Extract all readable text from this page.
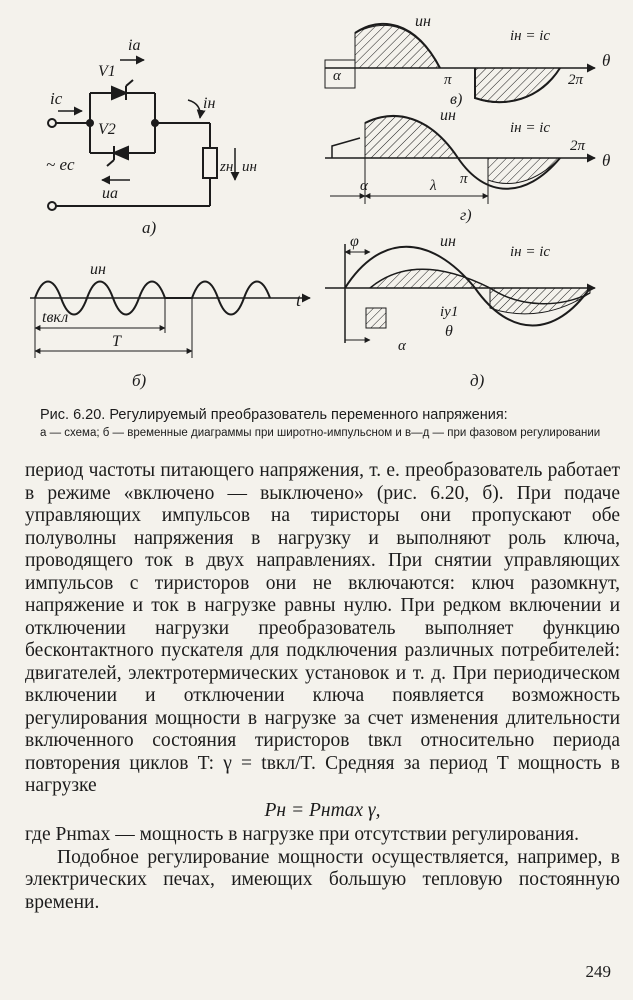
iа
ic
V1
V2
~ ec
uа
iн
zн uн
а)
uн
t
tвкл
T
б)
uн
iн = ic
θ
α	π	2π
в)
uн
iн = ic
2π
θ
π
α	λ
г)
φ	uн
iн = ic
iу1
θ
α
д)
Рис. 6.20. Регулируемый преобразователь переменного напряжения:
а — схема; б — временные диаграммы при широтно-импульсном и в—д — при фазовом регулировании

период частоты питающего напряжения, т. е. преобразователь работает в режиме «включено — выключено» (рис. 6.20, б). При подаче управляющих импульсов на тиристоры они пропускают обе полуволны напряжения в нагрузку и выполняют роль ключа, проводящего ток в двух направлениях. При снятии управляющих импульсов с тиристоров они не включаются: ключ разомкнут, напряжение и ток в нагрузке равны нулю. При редком включении и отключении нагрузки преобразователь выполняет функцию бесконтактного пускателя для подключения различных потребителей: двигателей, электротермических установок и т. д. При периодическом включении и отключении ключа появляется возможность регулирования мощности в нагрузке за счет изменения длительности включенного состояния тиристоров tвкл относительно периода повторения циклов T: γ = tвкл/T. Средняя за период T мощность в нагрузке

Pн = Pнmax γ,

где Pнmax — мощность в нагрузке при отсутствии регулирования.

Подобное регулирование мощности осуществляется, например, в электрических печах, имеющих большую тепловую постоянную времени.

249
